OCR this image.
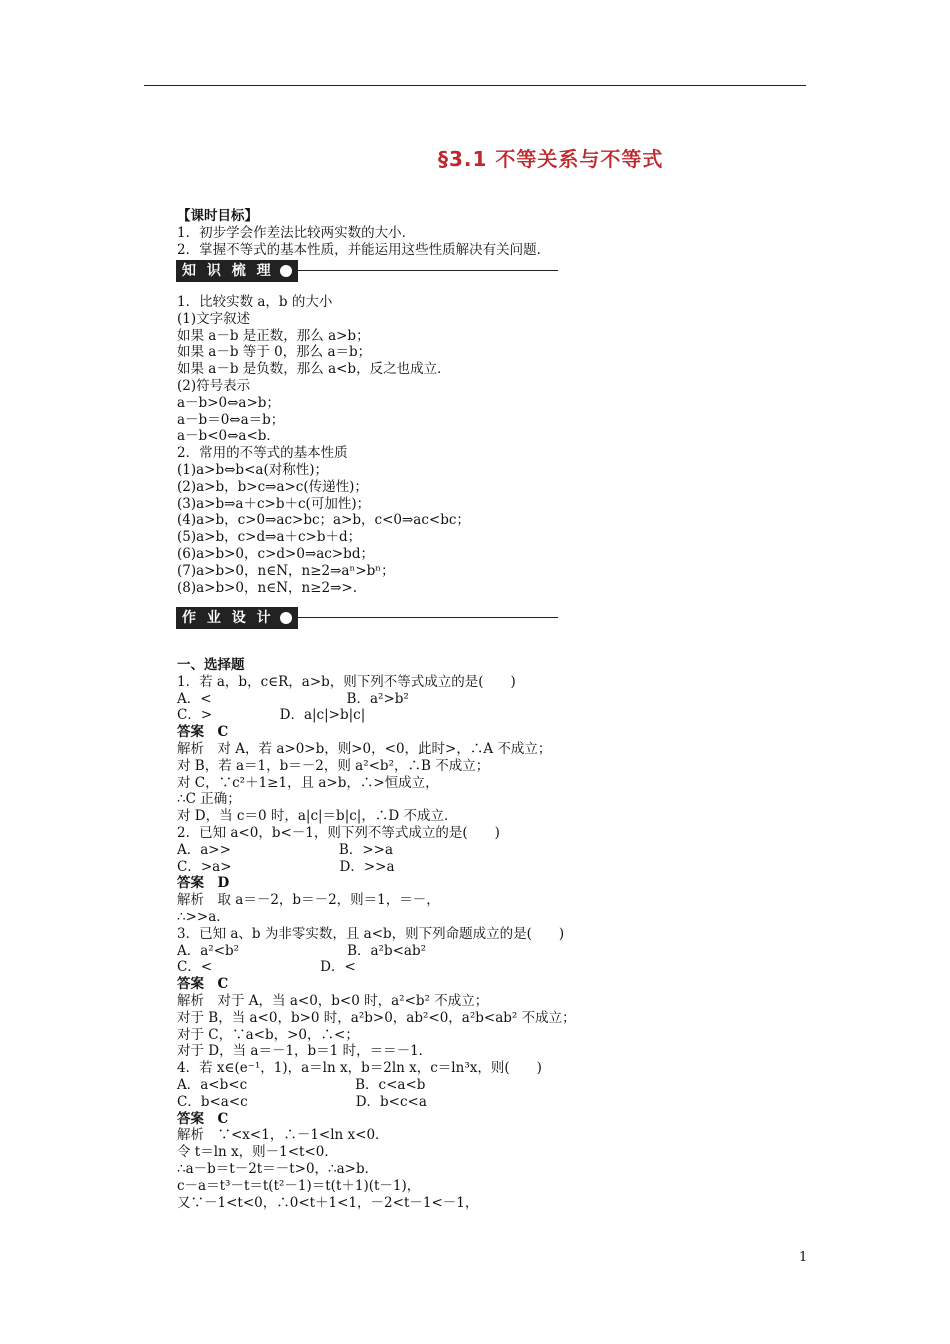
§3.1 不等关系与不等式
【课时目标】
1．初步学会作差法比较两实数的大小．
2．掌握不等式的基本性质，并能运用这些性质解决有关问题．
知 识 梳 理
1．比较实数 a，b 的大小
(1)文字叙述
如果 a－b 是正数，那么 a>b；
如果 a－b 等于 0，那么 a＝b；
如果 a－b 是负数，那么 a<b，反之也成立．
(2)符号表示
a－b>0⇔a>b；
a－b＝0⇔a＝b；
a－b<0⇔a<b．
2．常用的不等式的基本性质
(1)a>b⇔b<a(对称性)；
(2)a>b，b>c⇒a>c(传递性)；
(3)a>b⇒a＋c>b＋c(可加性)；
(4)a>b，c>0⇒ac>bc；a>b，c<0⇒ac<bc；
(5)a>b，c>d⇒a＋c>b＋d；
(6)a>b>0，c>d>0⇒ac>bd；
(7)a>b>0，n∈N，n≥2⇒aⁿ>bⁿ；
(8)a>b>0，n∈N，n≥2⇒>.
作 业 设 计
一、选择题
1．若 a，b，c∈R，a>b，则下列不等式成立的是(　　)
A．<　　　　　　　　　　B．a²>b²
C．>　　　　　D．a|c|>b|c|
答案　C
解析　对 A，若 a>0>b，则>0，<0，此时>，∴A 不成立；
对 B，若 a＝1，b＝－2，则 a²<b²，∴B 不成立；
对 C，∵c²＋1≥1，且 a>b，∴>恒成立，
∴C 正确；
对 D，当 c＝0 时，a|c|＝b|c|，∴D 不成立．
2．已知 a<0，b<－1，则下列不等式成立的是(　　)
A．a>>　　　　　　　　B．>>a
C．>a>　　　　　　　　D．>>a
答案　D
解析　取 a＝－2，b＝－2，则＝1，＝－，
∴>>a．
3．已知 a、b 为非零实数，且 a<b，则下列命题成立的是(　　)
A．a²<b²　　　　　　　　B．a²b<ab²
C．<　　　　　　　　D．<
答案　C
解析　对于 A，当 a<0，b<0 时，a²<b² 不成立；
对于 B，当 a<0，b>0 时，a²b>0，ab²<0，a²b<ab² 不成立；
对于 C，∵a<b，>0，∴<；
对于 D，当 a＝－1，b＝1 时，＝＝－1．
4．若 x∈(e⁻¹，1)，a＝ln x，b＝2ln x，c＝ln³x，则(　　)
A．a<b<c　　　　　　　　B．c<a<b
C．b<a<c　　　　　　　　D．b<c<a
答案　C
解析　∵<x<1，∴－1<ln x<0．
令 t＝ln x，则－1<t<0．
∴a－b＝t－2t＝－t>0，∴a>b．
c－a＝t³－t＝t(t²－1)＝t(t＋1)(t－1)，
又∵－1<t<0，∴0<t＋1<1，－2<t－1<－1，
1
